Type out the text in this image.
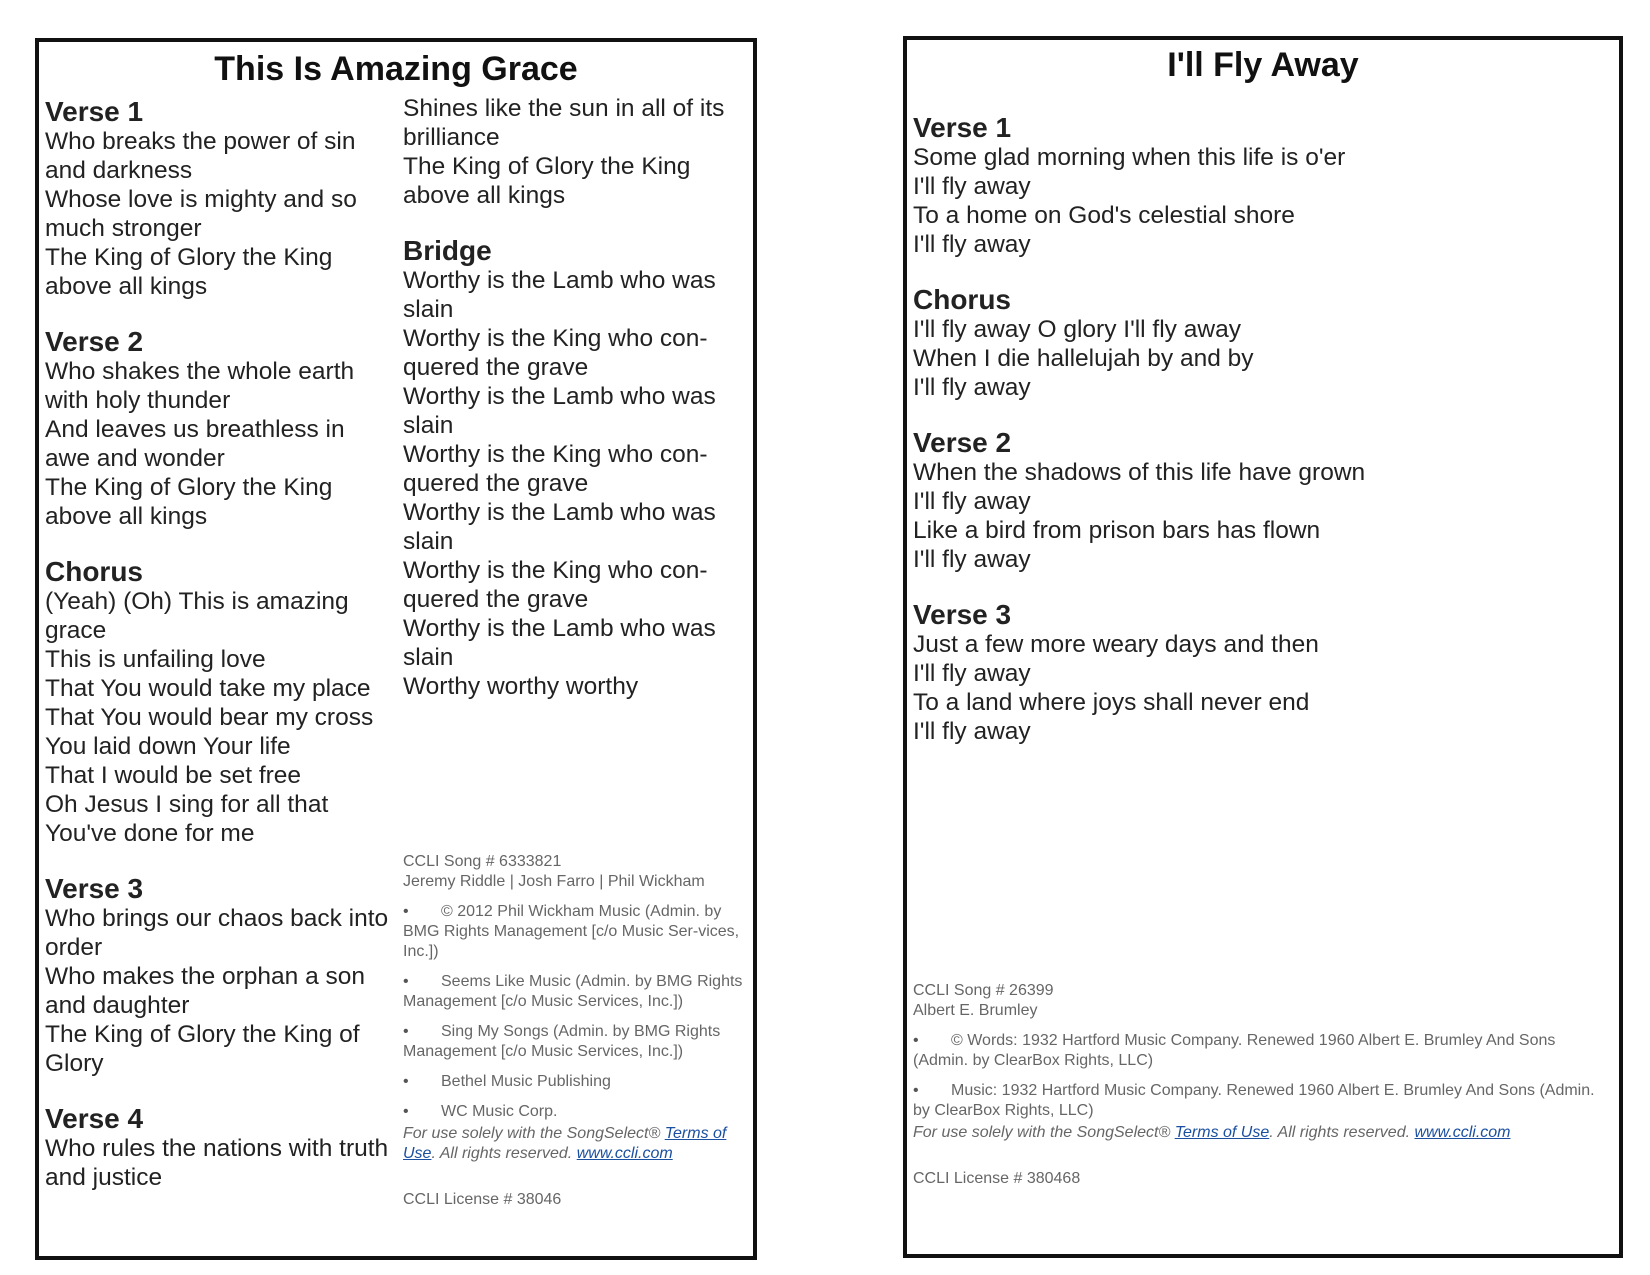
This Is Amazing Grace
Verse 1
Who breaks the power of sin and darkness
Whose love is mighty and so much stronger
The King of Glory the King above all kings
Verse 2
Who shakes the whole earth with holy thunder
And leaves us breathless in awe and wonder
The King of Glory the King above all kings
Chorus
(Yeah) (Oh) This is amazing grace
This is unfailing love
That You would take my place
That You would bear my cross
You laid down Your life
That I would be set free
Oh Jesus I sing for all that You've done for me
Verse 3
Who brings our chaos back into order
Who makes the orphan a son and daughter
The King of Glory the King of Glory
Verse 4
Who rules the nations with truth and justice
Shines like the sun in all of its brilliance
The King of Glory the King above all kings
Bridge
Worthy is the Lamb who was slain
Worthy is the King who con-quered the grave
Worthy is the Lamb who was slain
Worthy is the King who con-quered the grave
Worthy is the Lamb who was slain
Worthy is the King who con-quered the grave
Worthy is the Lamb who was slain
Worthy worthy worthy
CCLI Song # 6333821
Jeremy Riddle | Josh Farro | Phil Wickham
• © 2012 Phil Wickham Music (Admin. by BMG Rights Management [c/o Music Ser-vices, Inc.])
• Seems Like Music (Admin. by BMG Rights Management [c/o Music Services, Inc.])
• Sing My Songs (Admin. by BMG Rights Management [c/o Music Services, Inc.])
• Bethel Music Publishing
• WC Music Corp.
For use solely with the SongSelect® Terms of Use. All rights reserved. www.ccli.com
CCLI License # 38046
I'll Fly Away
Verse 1
Some glad morning when this life is o'er
I'll fly away
To a home on God's celestial shore
I'll fly away
Chorus
I'll fly away O glory I'll fly away
When I die hallelujah by and by
I'll fly away
Verse 2
When the shadows of this life have grown
I'll fly away
Like a bird from prison bars has flown
I'll fly away
Verse 3
Just a few more weary days and then
I'll fly away
To a land where joys shall never end
I'll fly away
CCLI Song # 26399
Albert E. Brumley
• © Words: 1932 Hartford Music Company. Renewed 1960 Albert E. Brumley And Sons (Admin. by ClearBox Rights, LLC)
• Music: 1932 Hartford Music Company. Renewed 1960 Albert E. Brumley And Sons (Admin. by ClearBox Rights, LLC)
For use solely with the SongSelect® Terms of Use. All rights reserved. www.ccli.com
CCLI License # 380468
